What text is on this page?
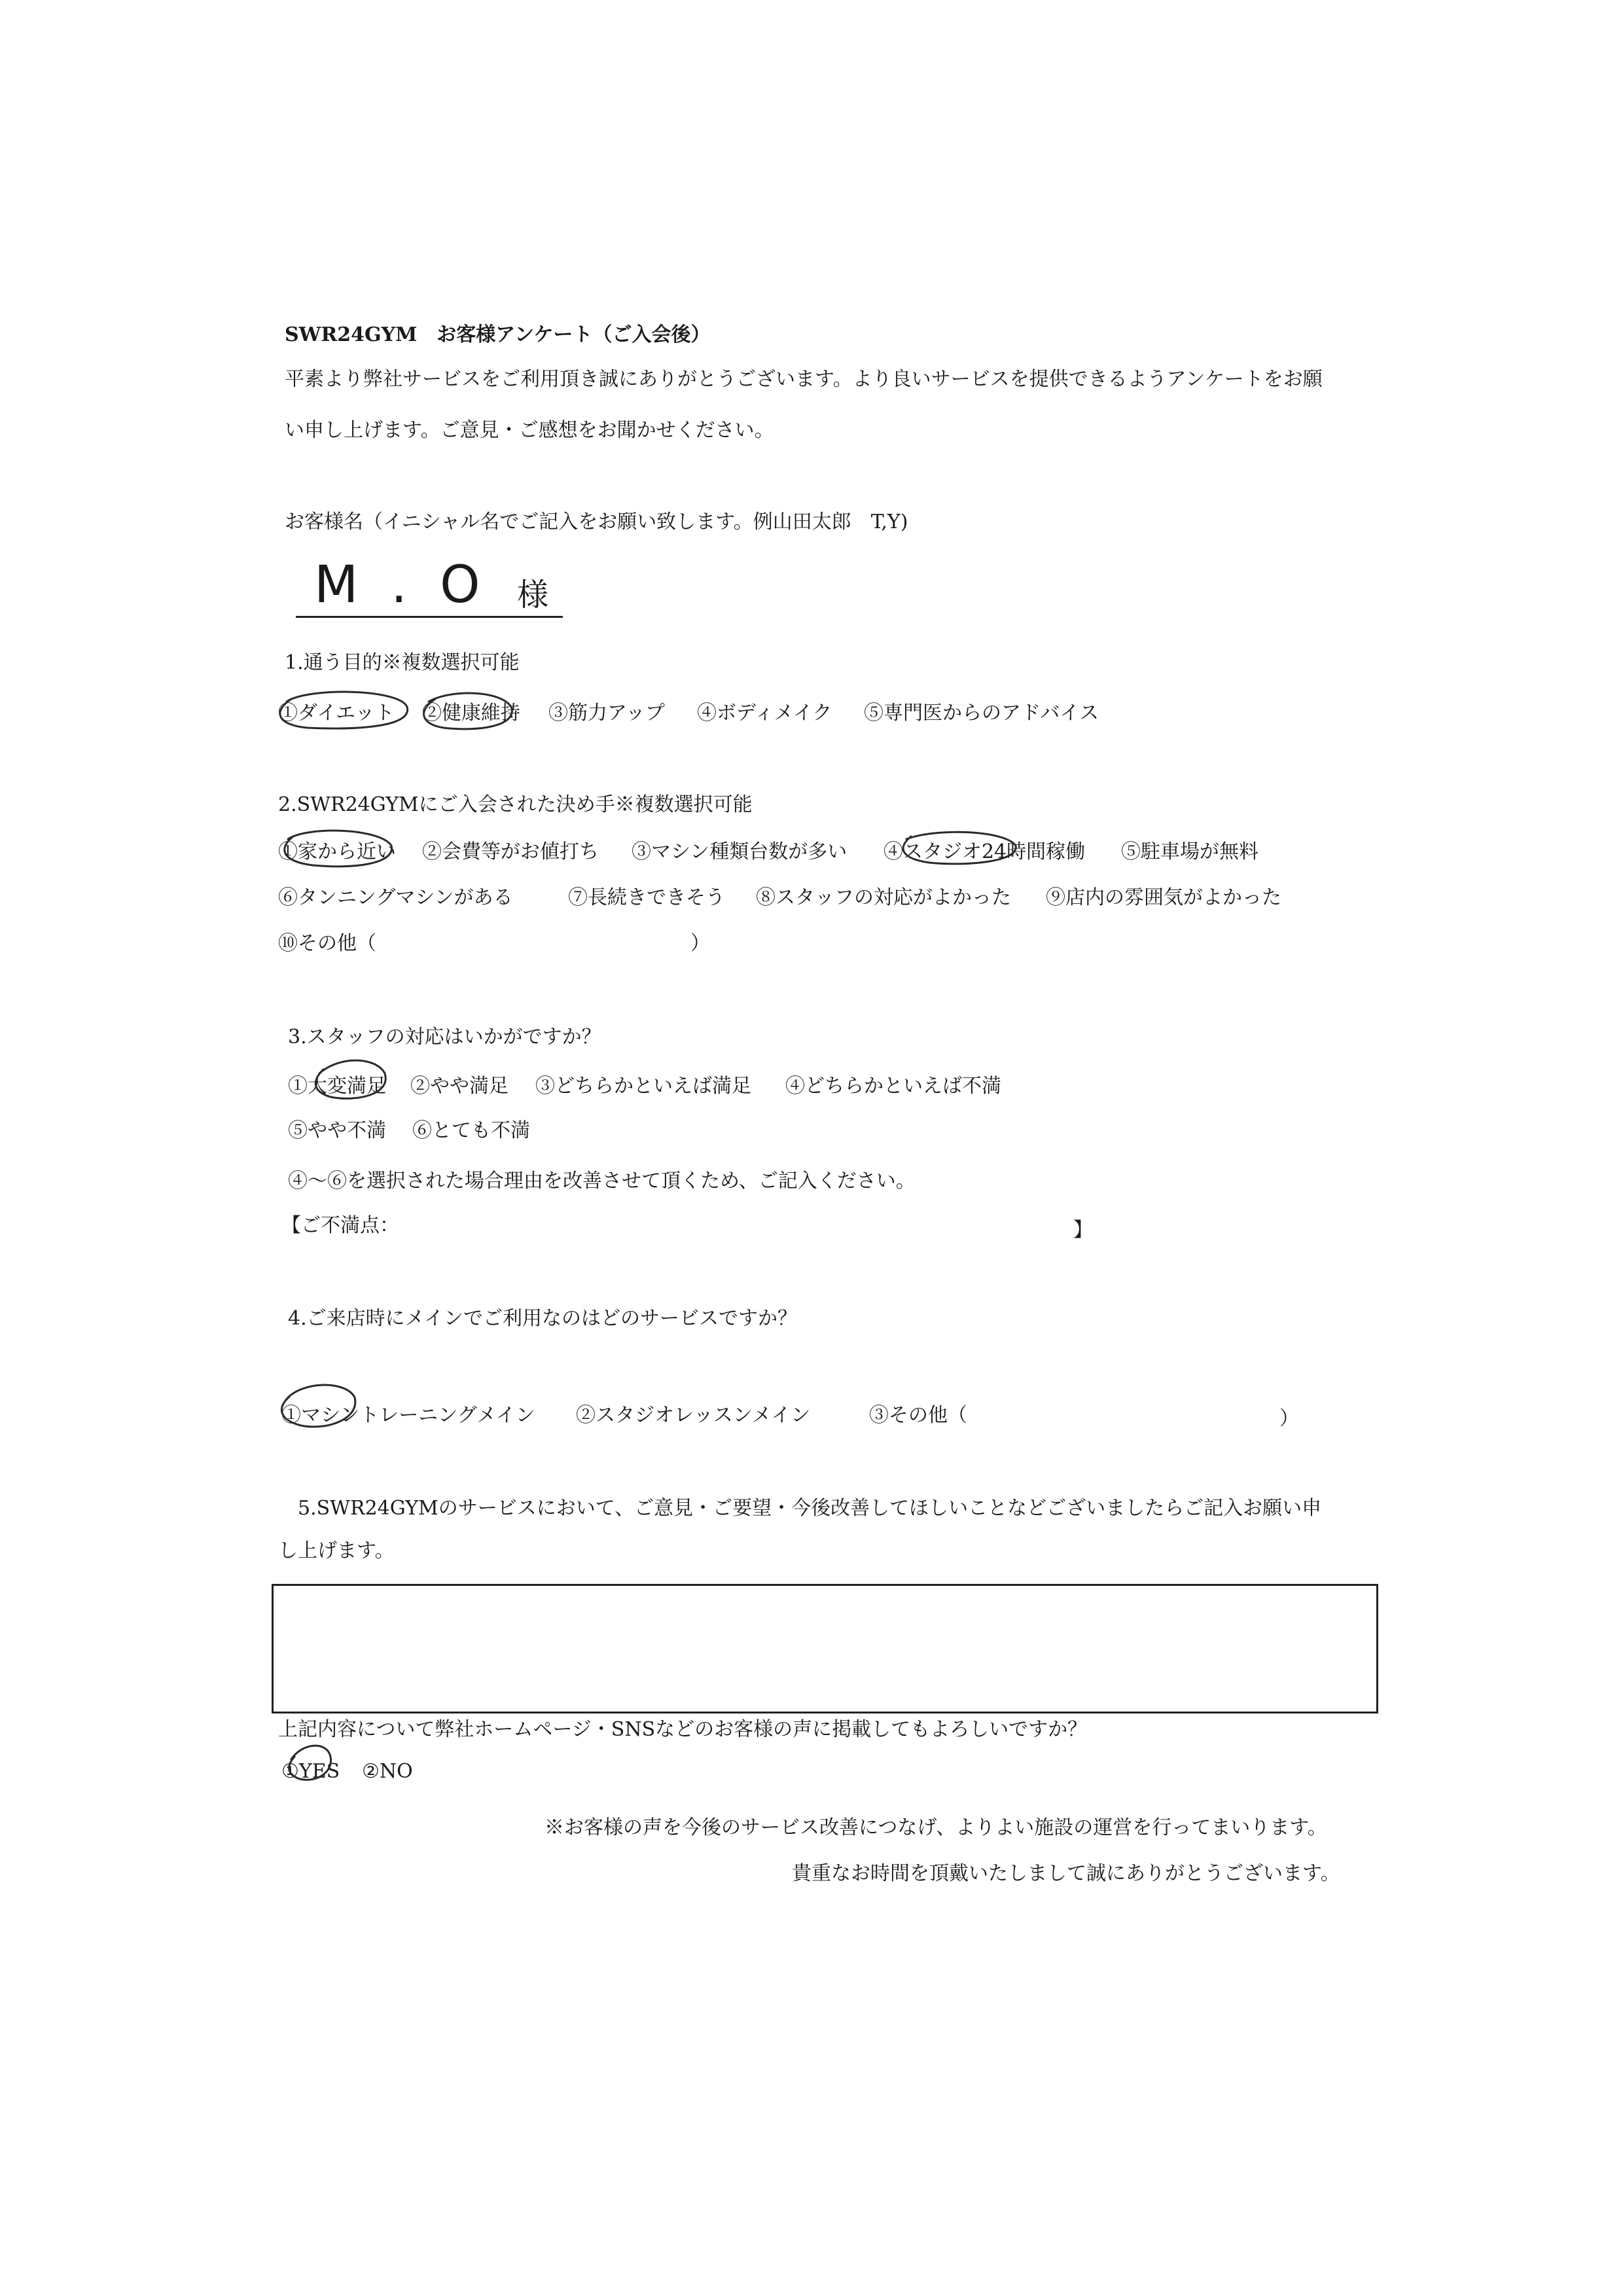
SWR24GYM　お客様アンケート（ご入会後）
平素より弊社サービスをご利用頂き誠にありがとうございます。より良いサービスを提供できるようアンケートをお願
い申し上げます。ご意見・ご感想をお聞かせください。
お客様名（イニシャル名でご記入をお願い致します。例山田太郎　T,Y)
M.O 様
1.通う目的※複数選択可能
①ダイエット ②健康維持 ③筋力アップ ④ボディメイク ⑤専門医からのアドバイス
2.SWR24GYMにご入会された決め手※複数選択可能
①家から近い ②会費等がお値打ち ③マシン種類台数が多い ④スタジオ24時間稼働 ⑤駐車場が無料
⑥タンニングマシンがある	⑦長続きできそう ⑧スタッフの対応がよかった ⑨店内の雰囲気がよかった
⑩その他（	）
3.スタッフの対応はいかがですか？
①大変満足 ②やや満足 ③どちらかといえば満足 ④どちらかといえば不満
⑤やや不満 ⑥とても不満
④～⑥を選択された場合理由を改善させて頂くため、ご記入ください。
【ご不満点：	】
4.ご来店時にメインでご利用なのはどのサービスですか？
①マシントレーニングメイン ②スタジオレッスンメイン	③その他（	）
5.SWR24GYMのサービスにおいて、ご意見・ご要望・今後改善してほしいことなどございましたらご記入お願い申
し上げます。
上記内容について弊社ホームページ・SNSなどのお客様の声に掲載してもよろしいですか？
①YES ②NO
※お客様の声を今後のサービス改善につなげ、よりよい施設の運営を行ってまいります。
貴重なお時間を頂戴いたしまして誠にありがとうございます。
